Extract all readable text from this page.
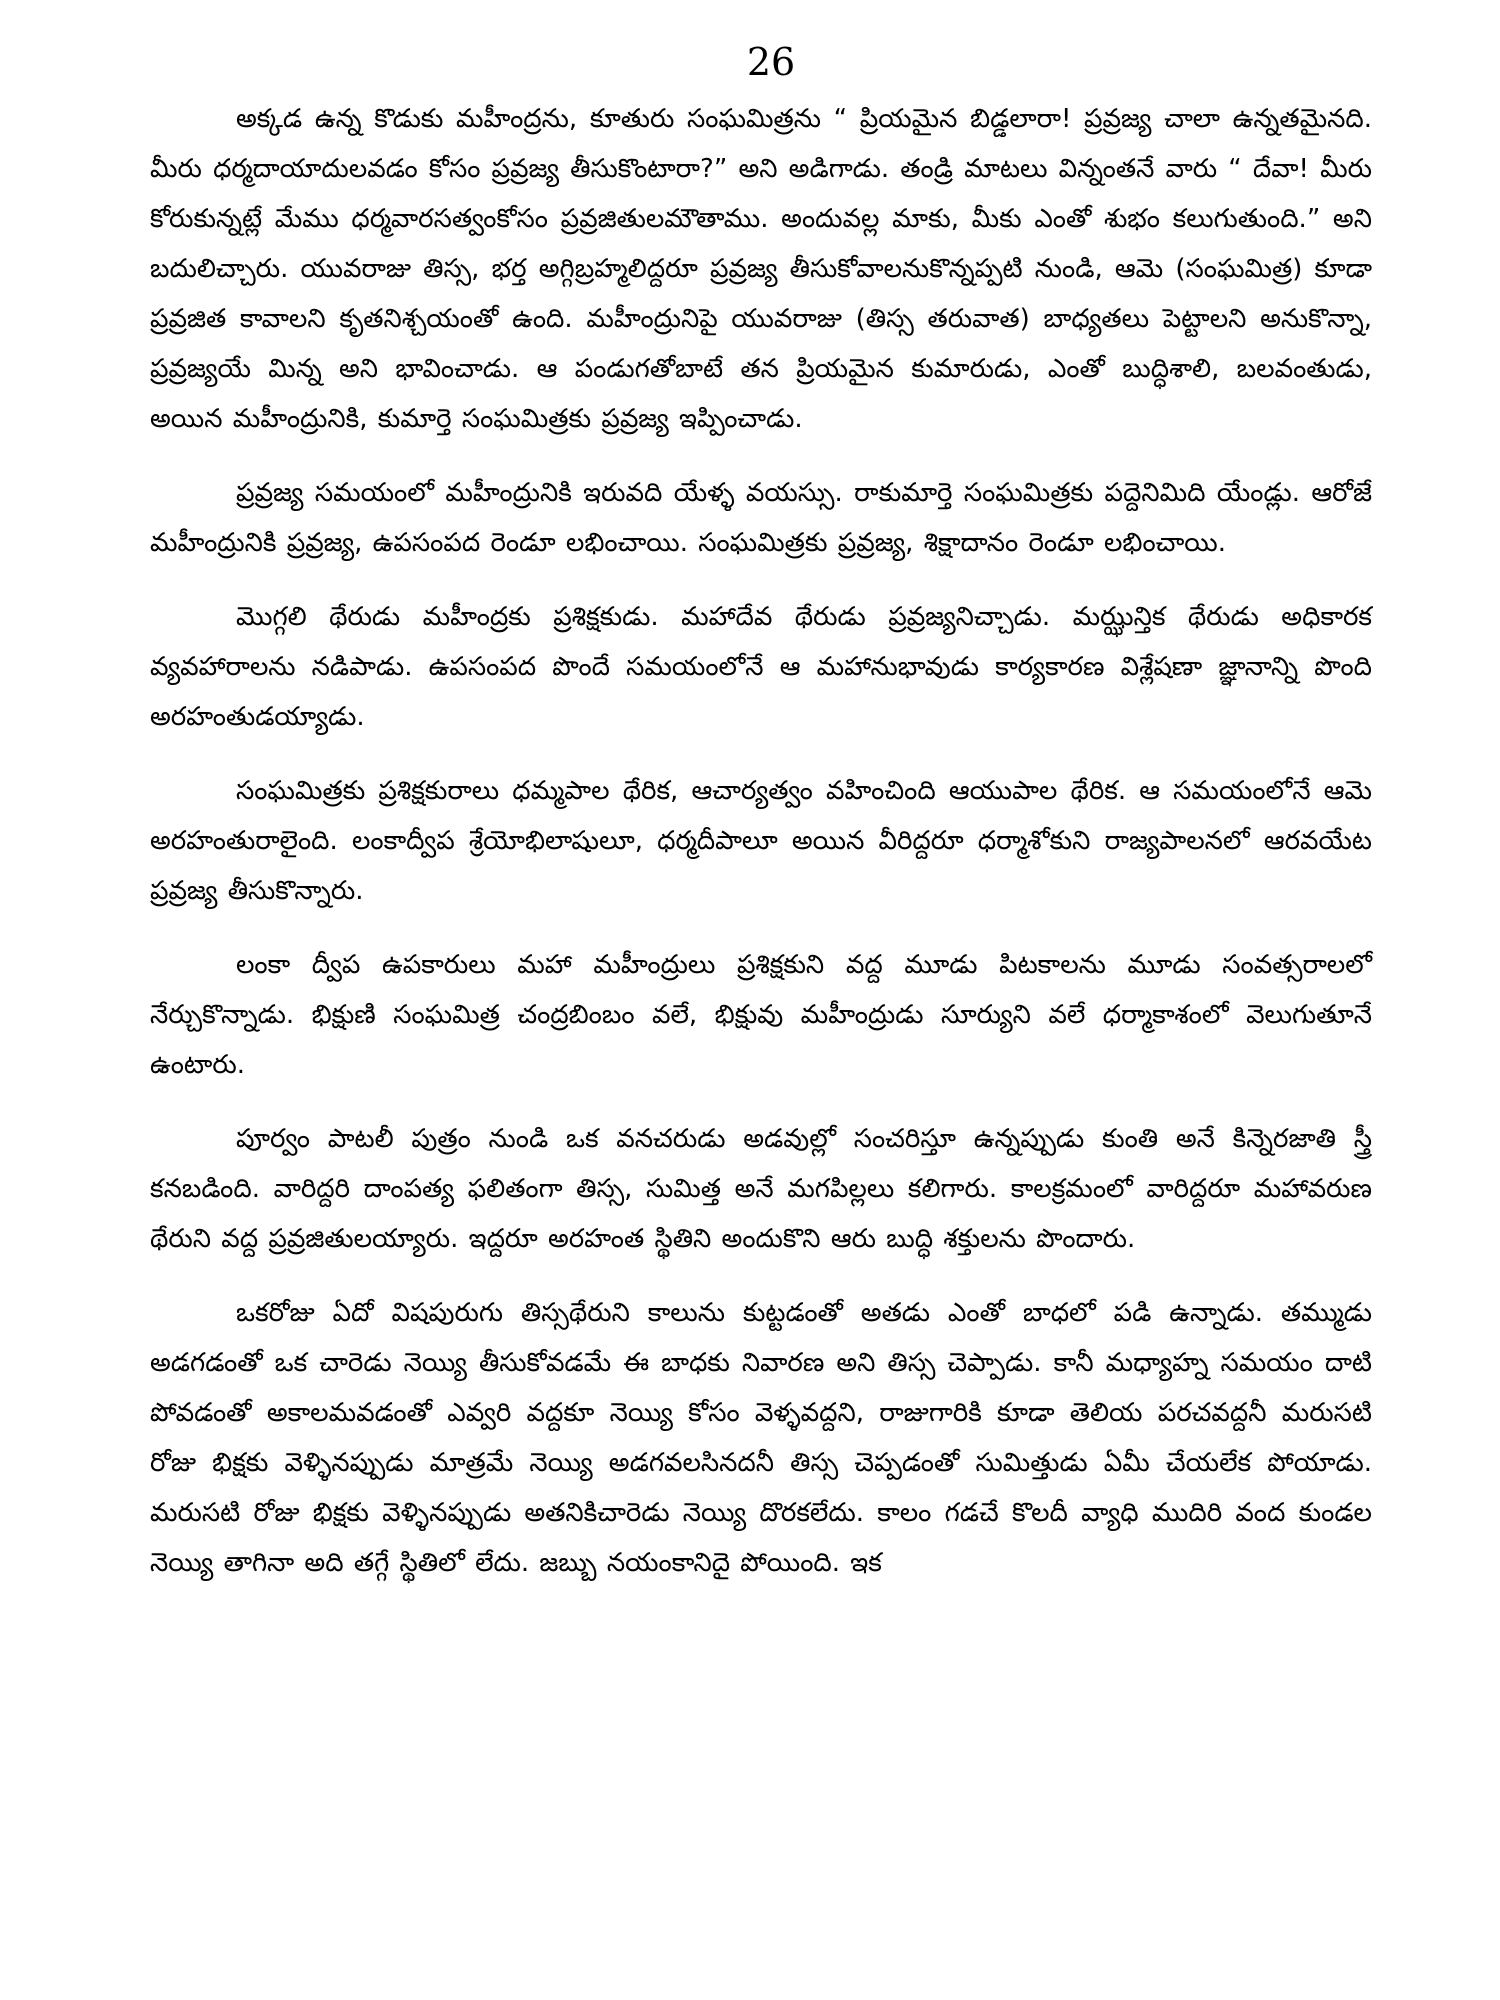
26

అక్కడ ఉన్న కొడుకు మహీంద్రను, కూతురు సంఘమిత్రను “ ప్రియమైన బిడ్డలారా! ప్రవ్రజ్య చాలా ఉన్నతమైనది. మీరు ధర్మదాయాదులవడం కోసం ప్రవ్రజ్య తీసుకొంటారా?” అని అడిగాడు. తండ్రి మాటలు విన్నంతనే వారు “ దేవా! మీరు కోరుకున్నట్లే మేము ధర్మవారసత్వంకోసం ప్రవ్రజితులమౌతాము. అందువల్ల మాకు, మీకు ఎంతో శుభం కలుగుతుంది.” అని బదులిచ్చారు. యువరాజు తిస్స, భర్త అగ్గిబ్రహ్మలిద్దరూ ప్రవ్రజ్య తీసుకోవాలనుకొన్నప్పటి నుండి, ఆమె (సంఘమిత్ర) కూడా ప్రవ్రజిత కావాలని కృతనిశ్చయంతో ఉంది. మహీంద్రునిపై యువరాజు (తిస్స తరువాత) బాధ్యతలు పెట్టాలని అనుకొన్నా, ప్రవ్రజ్యయే మిన్న అని భావించాడు. ఆ పండుగతోబాటే తన ప్రియమైన కుమారుడు, ఎంతో బుద్ధిశాలి, బలవంతుడు, అయిన మహీంద్రునికి, కుమార్తె సంఘమిత్రకు ప్రవ్రజ్య ఇప్పించాడు.

ప్రవ్రజ్య సమయంలో మహీంద్రునికి ఇరువది యేళ్ళ వయస్సు. రాకుమార్తె సంఘమిత్రకు పద్దెనిమిది యేండ్లు. ఆరోజే మహీంద్రునికి ప్రవ్రజ్య, ఉపసంపద రెండూ లభించాయి. సంఘమిత్రకు ప్రవ్రజ్య, శిక్షాదానం రెండూ లభించాయి.

మొగ్గలి థేరుడు మహీంద్రకు ప్రశిక్షకుడు. మహాదేవ థేరుడు ప్రవ్రజ్యనిచ్చాడు. మఝ్ఝన్తిక థేరుడు అధికారక వ్యవహారాలను నడిపాడు. ఉపసంపద పొందే సమయంలోనే ఆ మహానుభావుడు కార్యకారణ విశ్లేషణా జ్ఞానాన్ని పొంది అరహంతుడయ్యాడు.

సంఘమిత్రకు ప్రశిక్షకురాలు ధమ్మపాల థేరిక, ఆచార్యత్వం వహించింది ఆయుపాల థేరిక. ఆ సమయంలోనే ఆమె అరహంతురాలైంది. లంకాద్వీప శ్రేయోభిలాషులూ, ధర్మదీపాలూ అయిన వీరిద్దరూ ధర్మాశోకుని రాజ్యపాలనలో ఆరవయేట ప్రవ్రజ్య తీసుకొన్నారు.

లంకా ద్వీప ఉపకారులు మహా మహీంద్రులు ప్రశిక్షకుని వద్ద మూడు పిటకాలను మూడు సంవత్సరాలలో నేర్చుకొన్నాడు. భిక్షుణి సంఘమిత్ర చంద్రబింబం వలే, భిక్షువు మహీంద్రుడు సూర్యుని వలే ధర్మాకాశంలో వెలుగుతూనే ఉంటారు.

పూర్వం పాటలీ పుత్రం నుండి ఒక వనచరుడు అడవుల్లో సంచరిస్తూ ఉన్నప్పుడు కుంతి అనే కిన్నెరజాతి స్త్రీ కనబడింది. వారిద్దరి దాంపత్య ఫలితంగా తిస్స, సుమిత్త అనే మగపిల్లలు కలిగారు. కాలక్రమంలో వారిద్దరూ మహావరుణ థేరుని వద్ద ప్రవ్రజితులయ్యారు. ఇద్దరూ అరహంత స్థితిని అందుకొని ఆరు బుద్ధి శక్తులను పొందారు.

ఒకరోజు ఏదో విషపురుగు తిస్సథేరుని కాలును కుట్టడంతో అతడు ఎంతో బాధలో పడి ఉన్నాడు. తమ్ముడు అడగడంతో ఒక చారెడు నెయ్యి తీసుకోవడమే ఈ బాధకు నివారణ అని తిస్స చెప్పాడు. కానీ మధ్యాహ్న సమయం దాటి పోవడంతో అకాలమవడంతో ఎవ్వరి వద్దకూ నెయ్యి కోసం వెళ్ళవద్దని, రాజుగారికి కూడా తెలియ పరచవద్దనీ మరుసటి రోజు భిక్షకు వెళ్ళినప్పుడు మాత్రమే నెయ్యి అడగవలసినదనీ తిస్స చెప్పడంతో సుమిత్తుడు ఏమీ చేయలేక పోయాడు. మరుసటి రోజు భిక్షకు వెళ్ళినప్పుడు అతనికిచారెడు నెయ్యి దొరకలేదు. కాలం గడచే కొలదీ వ్యాధి ముదిరి వంద కుండల నెయ్యి తాగినా అది తగ్గే స్థితిలో లేదు. జబ్బు నయంకానిదై పోయింది. ఇక
